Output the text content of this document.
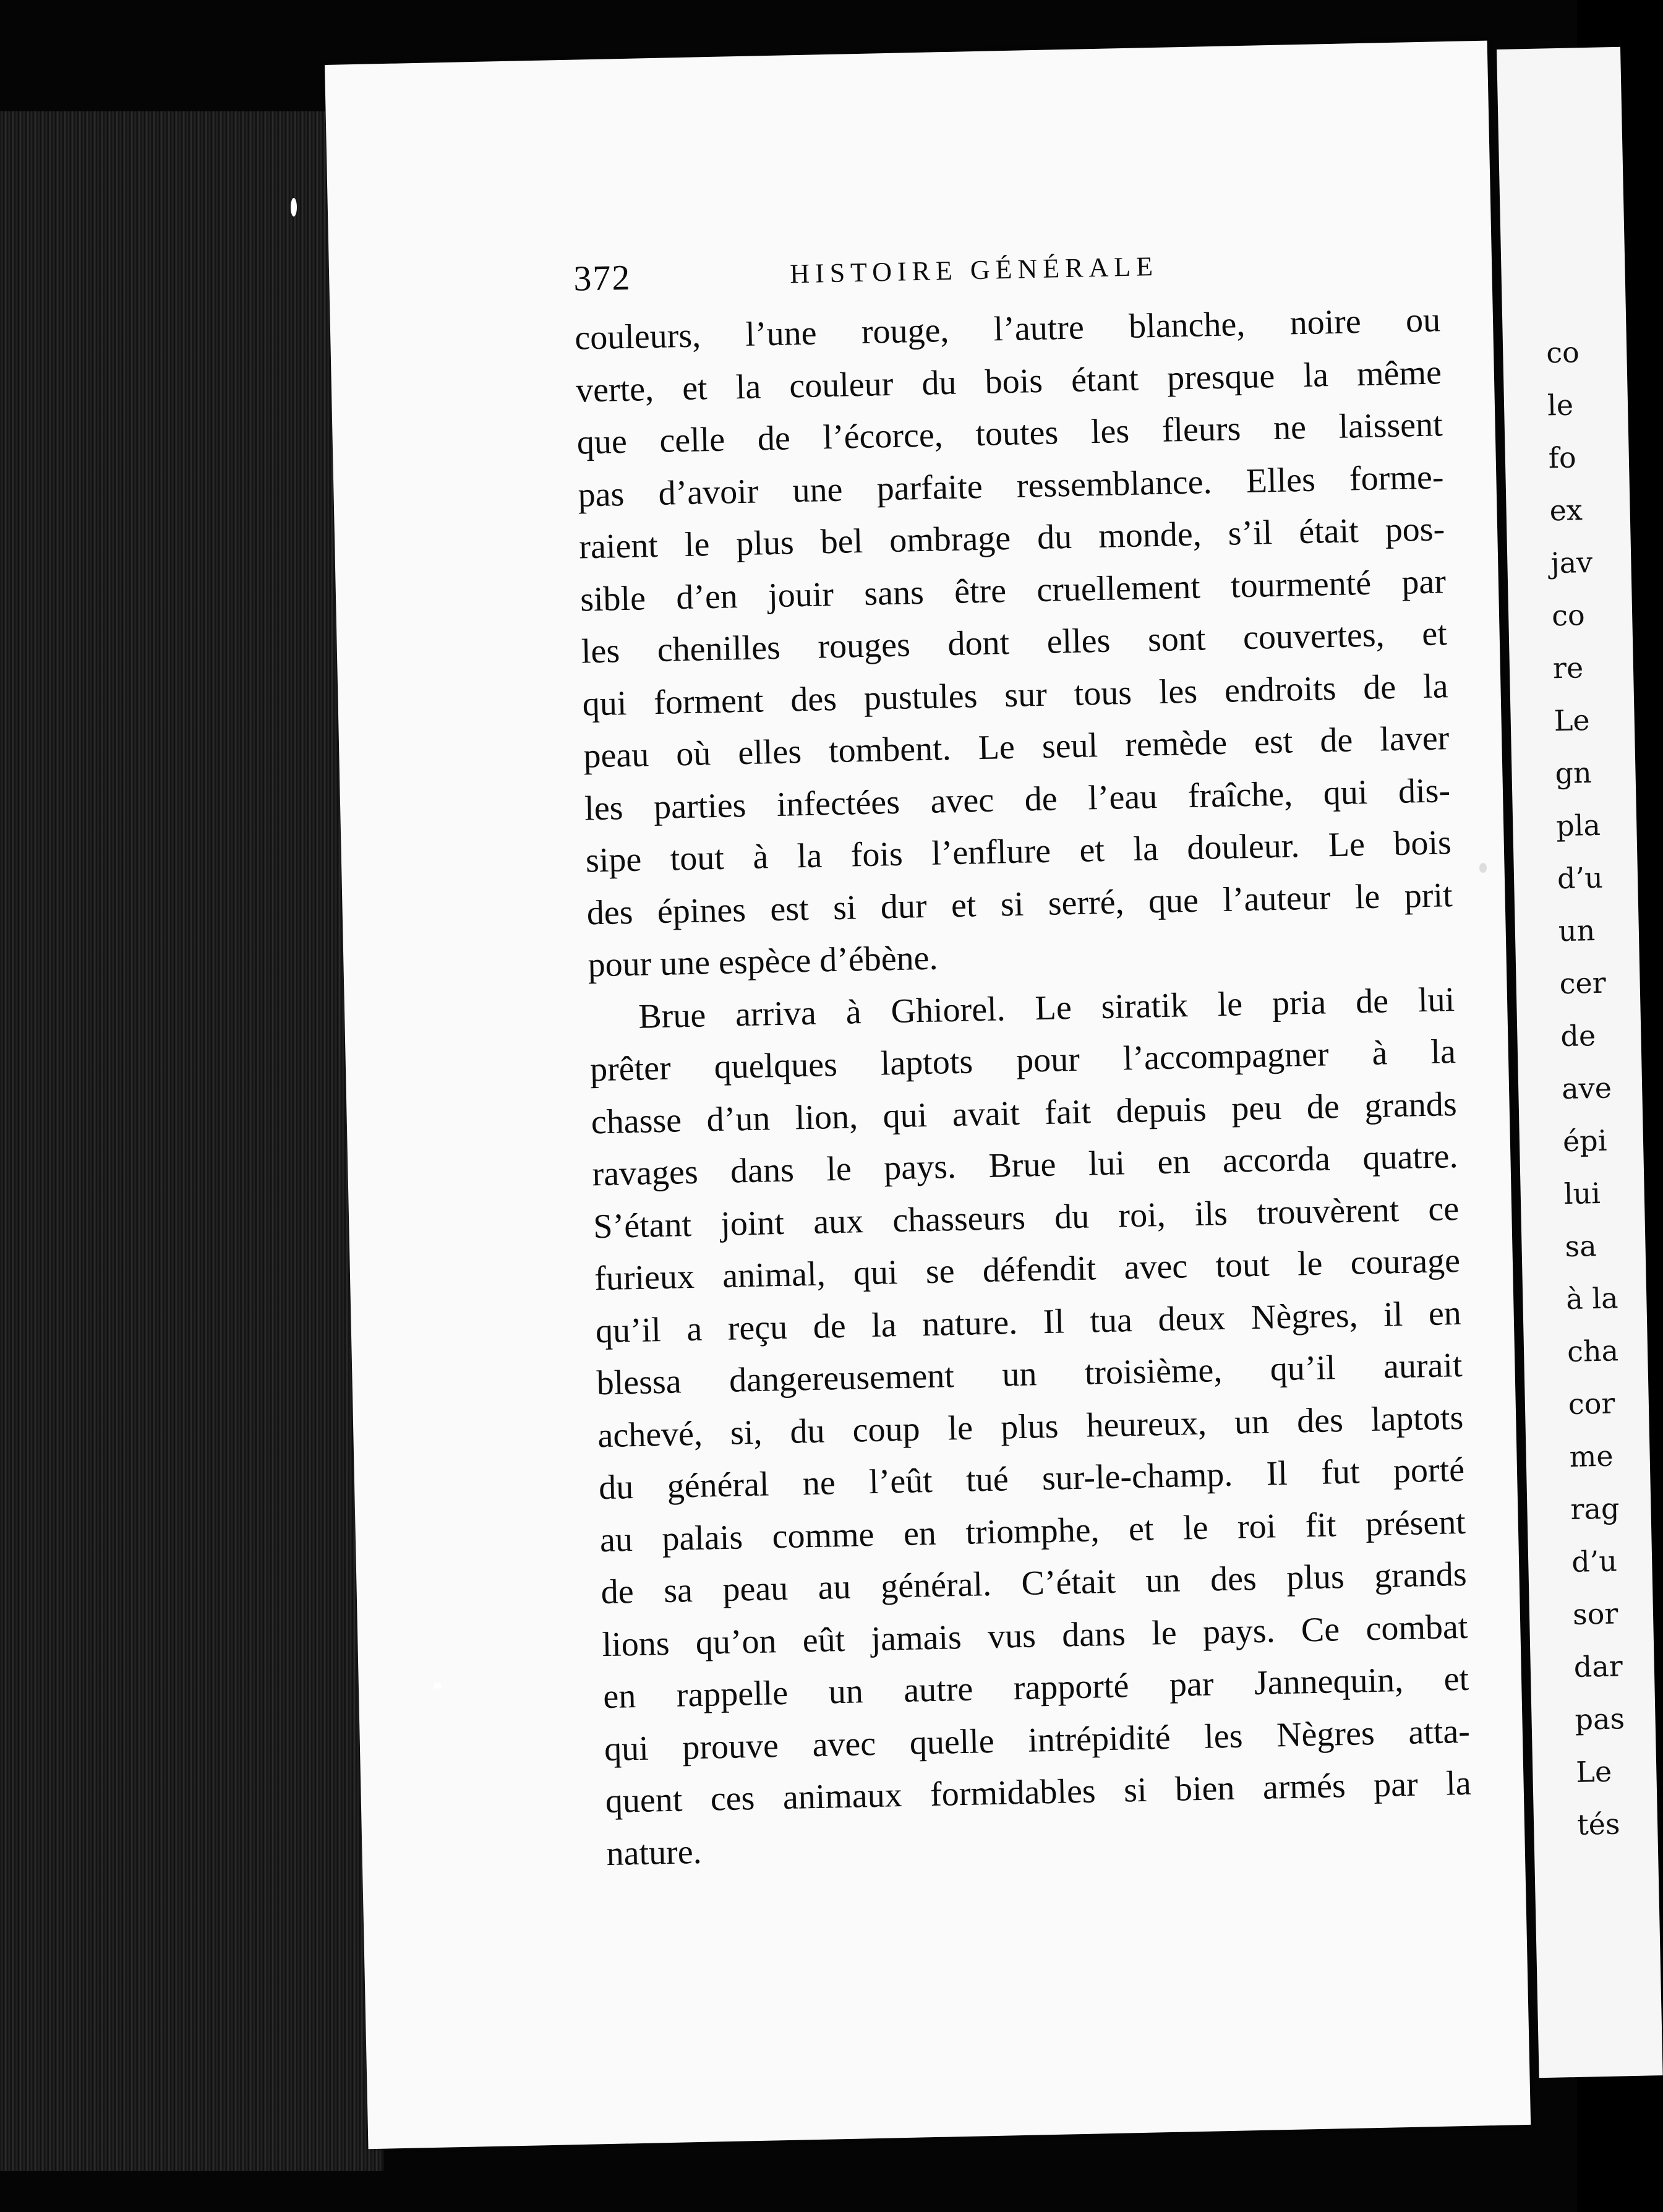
co
le
fo
ex
jav
co
re
Le
gn
pla
d’u
un
cer
de
ave
épi
lui
sa
à la
cha
cor
me
rag
d’u
sor
dar
pas
Le
tés
372	HISTOIRE GÉNÉRALE
couleurs, l’une rouge, l’autre blanche, noire ou
verte, et la couleur du bois étant presque la même
que celle de l’écorce, toutes les fleurs ne laissent
pas d’avoir une parfaite ressemblance. Elles forme-
raient le plus bel ombrage du monde, s’il était pos-
sible d’en jouir sans être cruellement tourmenté par
les chenilles rouges dont elles sont couvertes, et
qui forment des pustules sur tous les endroits de la
peau où elles tombent. Le seul remède est de laver
les parties infectées avec de l’eau fraîche, qui dis-
sipe tout à la fois l’enflure et la douleur. Le bois
des épines est si dur et si serré, que l’auteur le prit
pour une espèce d’ébène.
Brue arriva à Ghiorel. Le siratik le pria de lui
prêter quelques laptots pour l’accompagner à la
chasse d’un lion, qui avait fait depuis peu de grands
ravages dans le pays. Brue lui en accorda quatre.
S’étant joint aux chasseurs du roi, ils trouvèrent ce
furieux animal, qui se défendit avec tout le courage
qu’il a reçu de la nature. Il tua deux Nègres, il en
blessa dangereusement un troisième, qu’il aurait
achevé, si, du coup le plus heureux, un des laptots
du général ne l’eût tué sur-le-champ. Il fut porté
au palais comme en triomphe, et le roi fit présent
de sa peau au général. C’était un des plus grands
lions qu’on eût jamais vus dans le pays. Ce combat
en rappelle un autre rapporté par Jannequin, et
qui prouve avec quelle intrépidité les Nègres atta-
quent ces animaux formidables si bien armés par la
nature.
